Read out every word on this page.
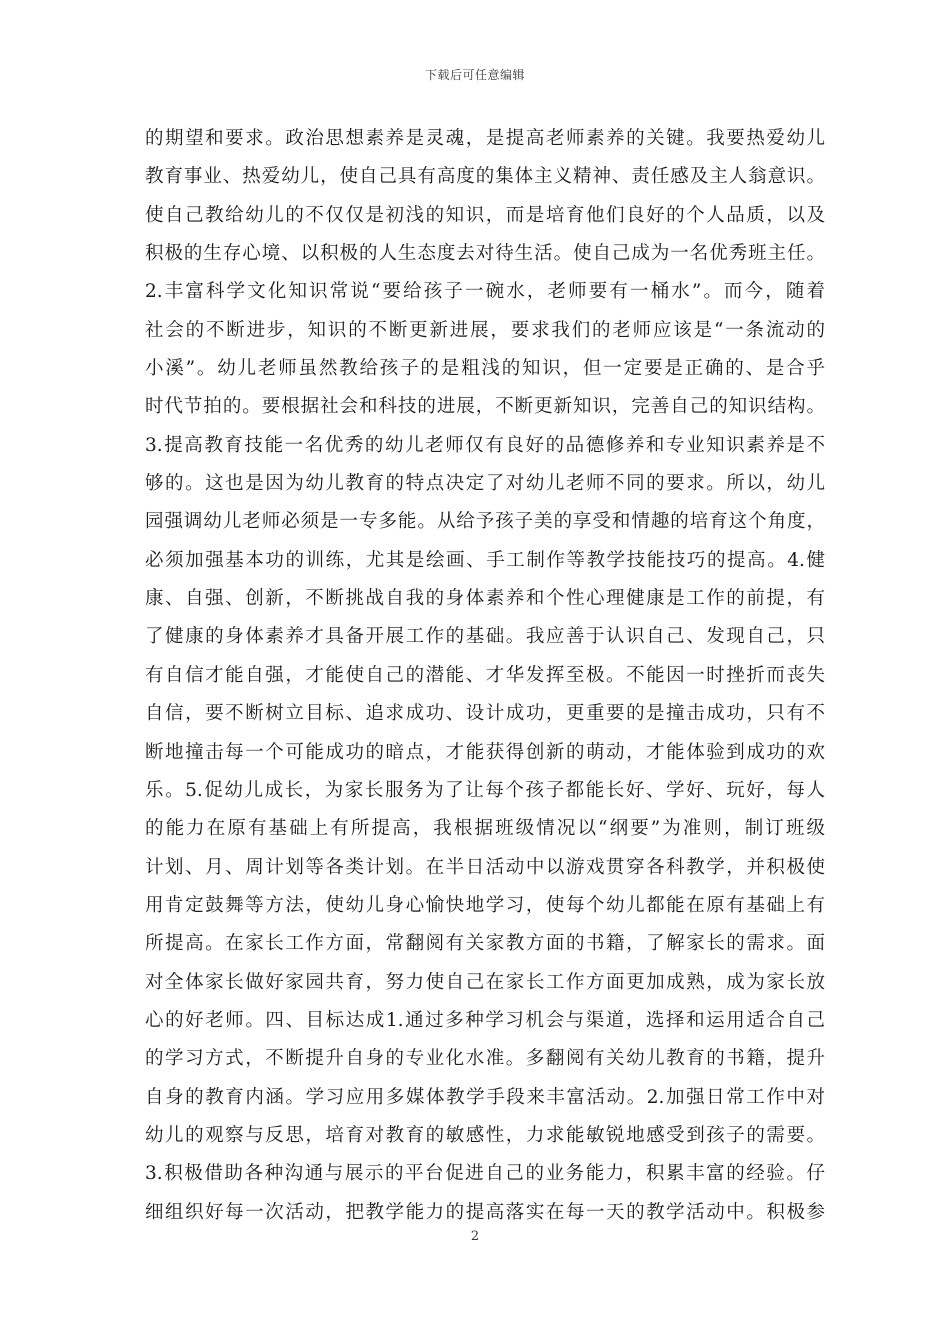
下载后可任意编辑
的期望和要求。政治思想素养是灵魂，是提高老师素养的关键。我要热爱幼儿
教育事业、热爱幼儿，使自己具有高度的集体主义精神、责任感及主人翁意识。
使自己教给幼儿的不仅仅是初浅的知识，而是培育他们良好的个人品质，以及
积极的生存心境、以积极的人生态度去对待生活。使自己成为一名优秀班主任。
2.丰富科学文化知识常说“要给孩子一碗水，老师要有一桶水”。而今，随着
社会的不断进步，知识的不断更新进展，要求我们的老师应该是“一条流动的
小溪”。幼儿老师虽然教给孩子的是粗浅的知识，但一定要是正确的、是合乎
时代节拍的。要根据社会和科技的进展，不断更新知识，完善自己的知识结构。
3.提高教育技能一名优秀的幼儿老师仅有良好的品德修养和专业知识素养是不
够的。这也是因为幼儿教育的特点决定了对幼儿老师不同的要求。所以，幼儿
园强调幼儿老师必须是一专多能。从给予孩子美的享受和情趣的培育这个角度，
必须加强基本功的训练，尤其是绘画、手工制作等教学技能技巧的提高。4.健
康、自强、创新，不断挑战自我的身体素养和个性心理健康是工作的前提，有
了健康的身体素养才具备开展工作的基础。我应善于认识自己、发现自己，只
有自信才能自强，才能使自己的潜能、才华发挥至极。不能因一时挫折而丧失
自信，要不断树立目标、追求成功、设计成功，更重要的是撞击成功，只有不
断地撞击每一个可能成功的暗点，才能获得创新的萌动，才能体验到成功的欢
乐。5.促幼儿成长，为家长服务为了让每个孩子都能长好、学好、玩好，每人
的能力在原有基础上有所提高，我根据班级情况以“纲要”为准则，制订班级
计划、月、周计划等各类计划。在半日活动中以游戏贯穿各科教学，并积极使
用肯定鼓舞等方法，使幼儿身心愉快地学习，使每个幼儿都能在原有基础上有
所提高。在家长工作方面，常翻阅有关家教方面的书籍，了解家长的需求。面
对全体家长做好家园共育，努力使自己在家长工作方面更加成熟，成为家长放
心的好老师。四、目标达成1.通过多种学习机会与渠道，选择和运用适合自己
的学习方式，不断提升自身的专业化水准。多翻阅有关幼儿教育的书籍，提升
自身的教育内涵。学习应用多媒体教学手段来丰富活动。2.加强日常工作中对
幼儿的观察与反思，培育对教育的敏感性，力求能敏锐地感受到孩子的需要。
3.积极借助各种沟通与展示的平台促进自己的业务能力，积累丰富的经验。仔
细组织好每一次活动，把教学能力的提高落实在每一天的教学活动中。积极参
2
